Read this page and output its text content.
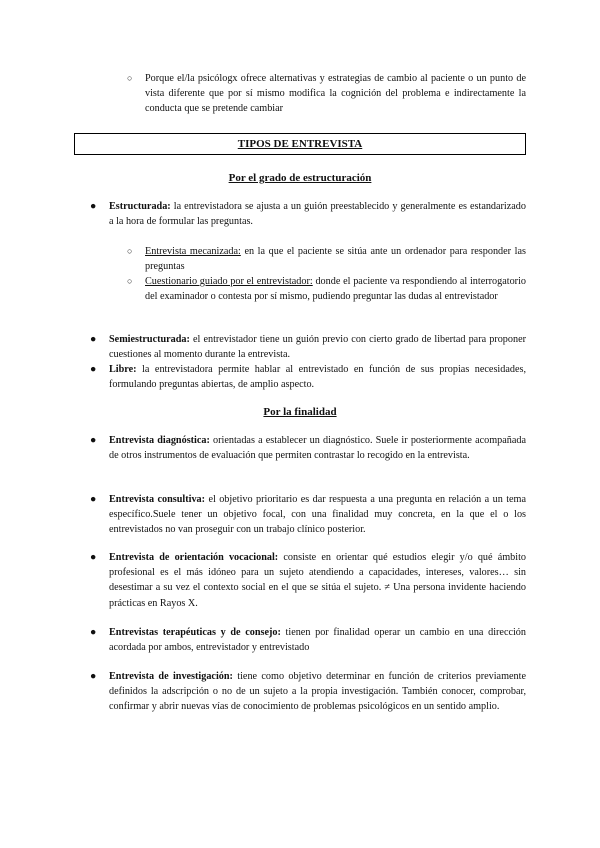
○ Porque el/la psicólogx ofrece alternativas y estrategias de cambio al paciente o un punto de vista diferente que por sí mismo modifica la cognición del problema e indirectamente la conducta que se pretende cambiar

TIPOS DE ENTREVISTA
Por el grado de estructuración
● Estructurada: la entrevistadora se ajusta a un guión preestablecido y generalmente es estandarizado a la hora de formular las preguntas.

○ Entrevista mecanizada: en la que el paciente se sitúa ante un ordenador para responder las preguntas

○ Cuestionario guiado por el entrevistador: donde el paciente va respondiendo al interrogatorio del examinador o contesta por sí mismo, pudiendo preguntar las dudas al entrevistador

● Semiestructurada: el entrevistador tiene un guión previo con cierto grado de libertad para proponer cuestiones al momento durante la entrevista.

● Libre: la entrevistadora permite hablar al entrevistado en función de sus propias necesidades, formulando preguntas abiertas, de amplio aspecto.

Por la finalidad
● Entrevista diagnóstica: orientadas a establecer un diagnóstico. Suele ir posteriormente acompañada de otros instrumentos de evaluación que permiten contrastar lo recogido en la entrevista.

● Entrevista consultiva: el objetivo prioritario es dar respuesta a una pregunta en relación a un tema específico.Suele tener un objetivo focal, con una finalidad muy concreta, en la que el o los entrevistados no van proseguir con un trabajo clínico posterior.

● Entrevista de orientación vocacional: consiste en orientar qué estudios elegir y/o qué ámbito profesional es el más idóneo para un sujeto atendiendo a capacidades, intereses, valores… sin desestimar a su vez el contexto social en el que se sitúa el sujeto. ≠ Una persona invidente haciendo prácticas en Rayos X.

● Entrevistas terapéuticas y de consejo: tienen por finalidad operar un cambio en una dirección acordada por ambos, entrevistador y entrevistado

● Entrevista de investigación: tiene como objetivo determinar en función de criterios previamente definidos la adscripción o no de un sujeto a la propia investigación. También conocer, comprobar, confirmar y abrir nuevas vías de conocimiento de problemas psicológicos en un sentido amplio.
